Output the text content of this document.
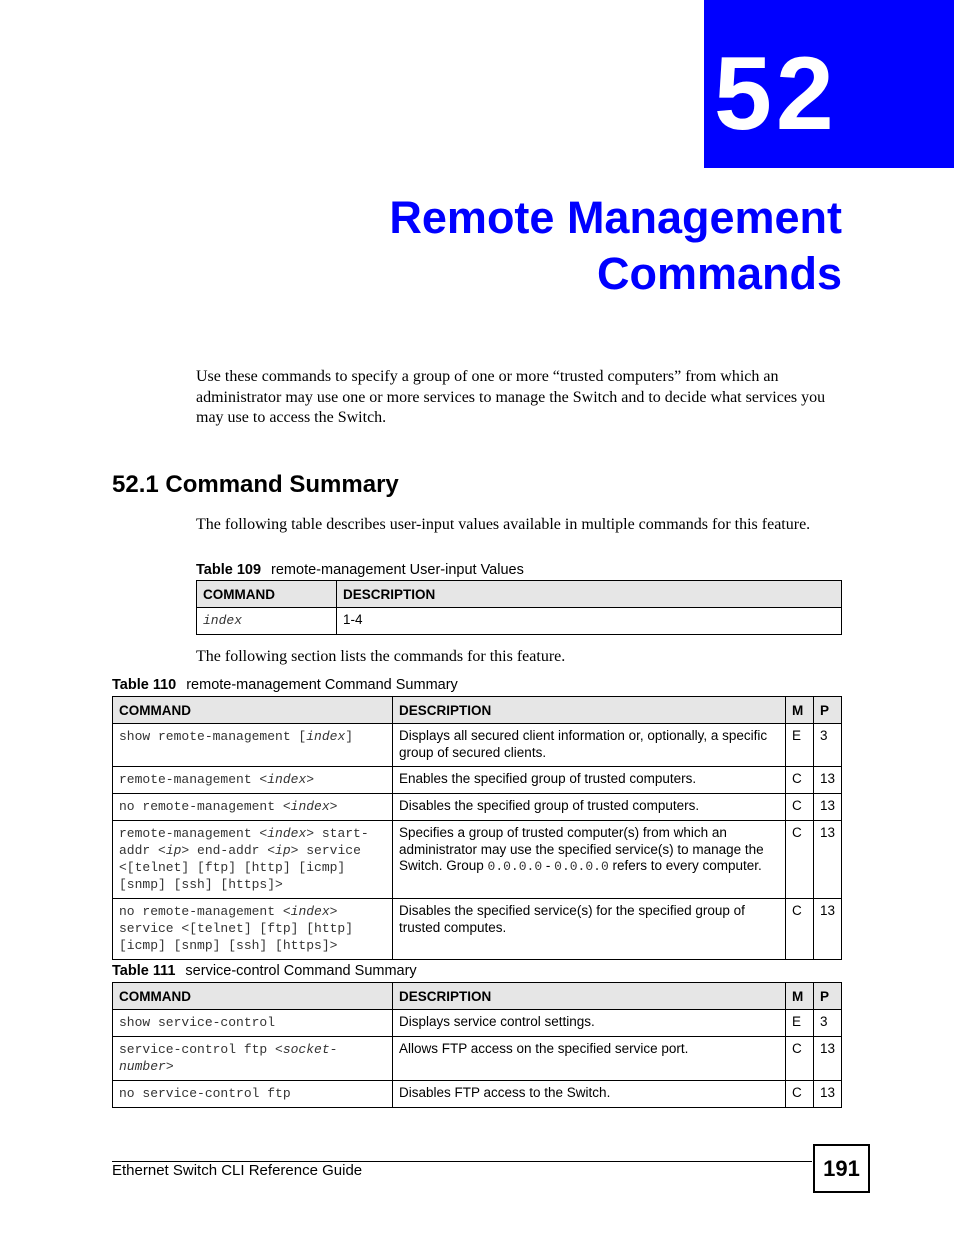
52
Remote Management
Commands
Use these commands to specify a group of one or more “trusted computers” from which an administrator may use one or more services to manage the Switch and to decide what services you may use to access the Switch.
52.1 Command Summary
The following table describes user-input values available in multiple commands for this feature.
Table 109 remote-management User-input Values
COMMAND	DESCRIPTION
index	1-4
The following section lists the commands for this feature.
Table 110 remote-management Command Summary
COMMAND	DESCRIPTION	M	P
show remote-management [index]	Displays all secured client information or, optionally, a specific group of secured clients.	E	3
remote-management <index>	Enables the specified group of trusted computers.	C	13
no remote-management <index>	Disables the specified group of trusted computers.	C	13
remote-management <index> start-addr <ip> end-addr <ip> service <[telnet] [ftp] [http] [icmp] [snmp] [ssh] [https]>	Specifies a group of trusted computer(s) from which an administrator may use the specified service(s) to manage the Switch. Group 0.0.0.0 - 0.0.0.0 refers to every computer.	C	13
no remote-management <index> service <[telnet] [ftp] [http] [icmp] [snmp] [ssh] [https]>	Disables the specified service(s) for the specified group of trusted computes.	C	13
Table 111 service-control Command Summary
COMMAND	DESCRIPTION	M	P
show service-control	Displays service control settings.	E	3
service-control ftp <socket-number>	Allows FTP access on the specified service port.	C	13
no service-control ftp	Disables FTP access to the Switch.	C	13
Ethernet Switch CLI Reference Guide	191
